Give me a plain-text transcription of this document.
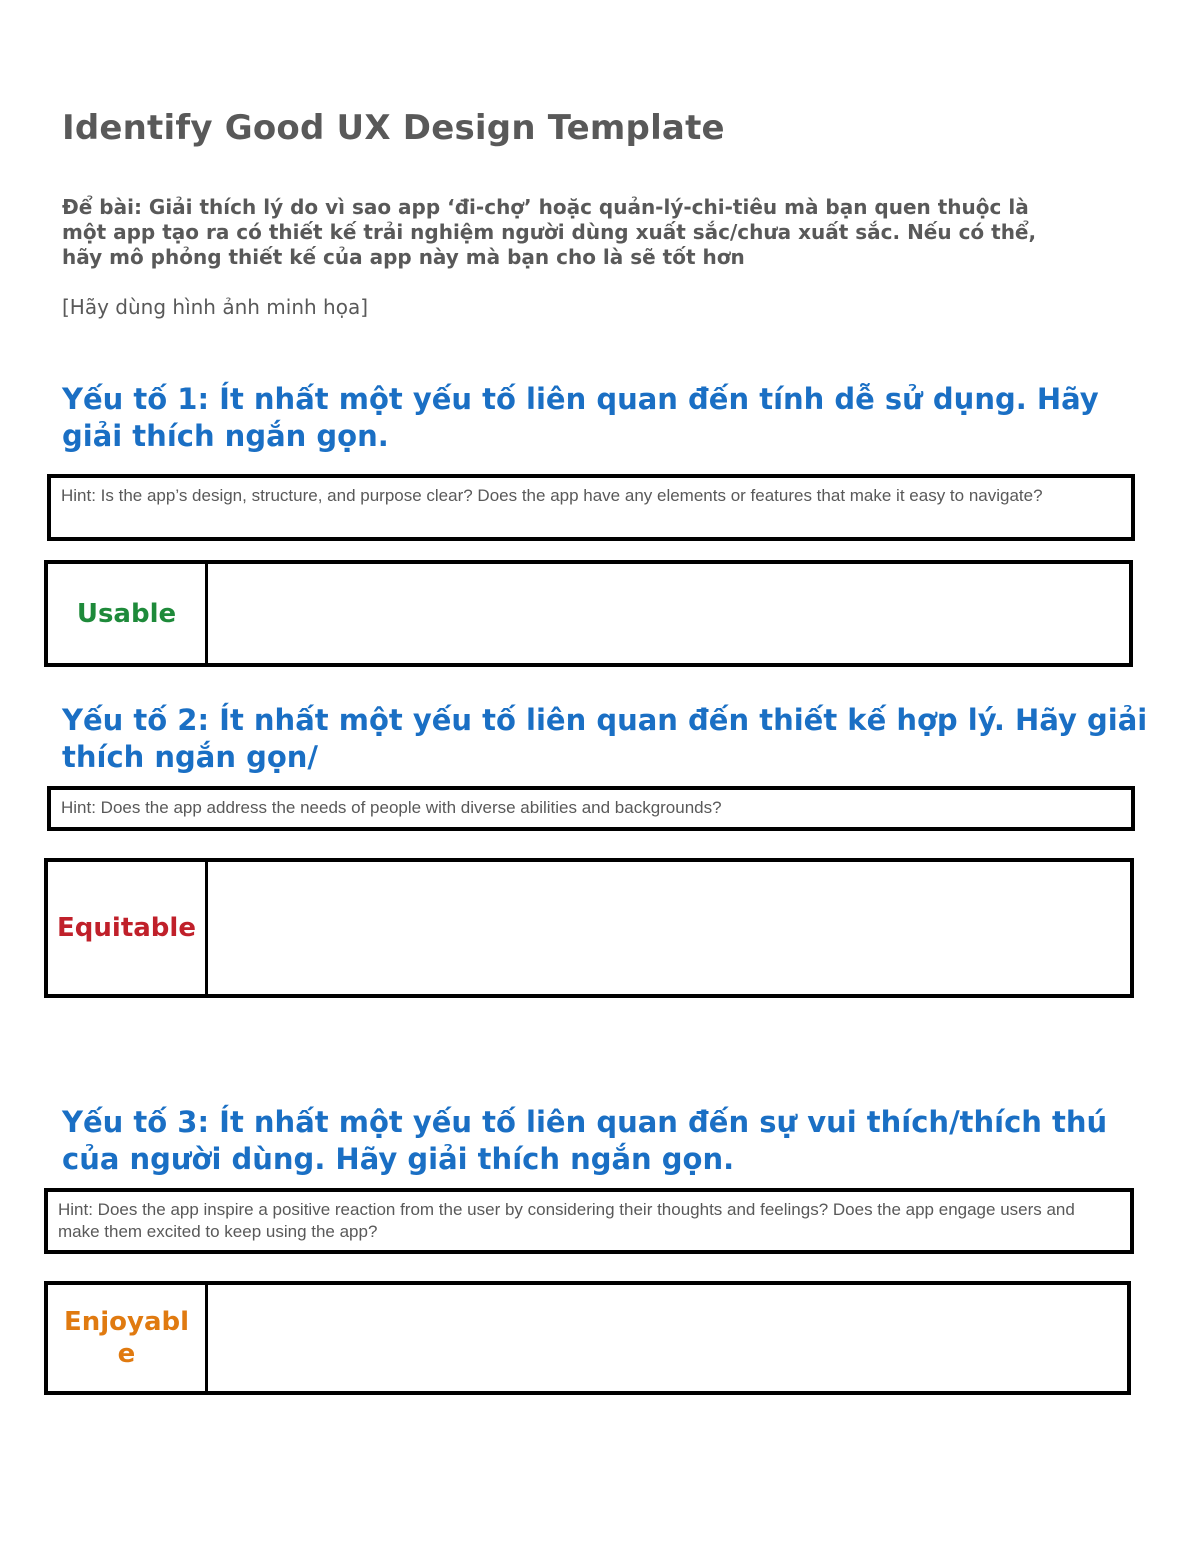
Identify Good UX Design Template

Để bài: Giải thích lý do vì sao app ‘đi-chợ’ hoặc quản-lý-chi-tiêu mà bạn quen thuộc là một app tạo ra có thiết kế trải nghiệm người dùng xuất sắc/chưa xuất sắc. Nếu có thể, hãy mô phỏng thiết kế của app này mà bạn cho là sẽ tốt hơn

[Hãy dùng hình ảnh minh họa]

Yếu tố 1: Ít nhất một yếu tố liên quan đến tính dễ sử dụng. Hãy giải thích ngắn gọn.
Hint: Is the app’s design, structure, and purpose clear? Does the app have any elements or features that make it easy to navigate?
Usable
Yếu tố 2: Ít nhất một yếu tố liên quan đến thiết kế hợp lý. Hãy giải thích ngắn gọn/
Hint: Does the app address the needs of people with diverse abilities and backgrounds?
Equitable
Yếu tố 3: Ít nhất một yếu tố liên quan đến sự vui thích/thích thú của người dùng. Hãy giải thích ngắn gọn.
Hint: Does the app inspire a positive reaction from the user by considering their thoughts and feelings? Does the app engage users and make them excited to keep using the app?
Enjoyable
